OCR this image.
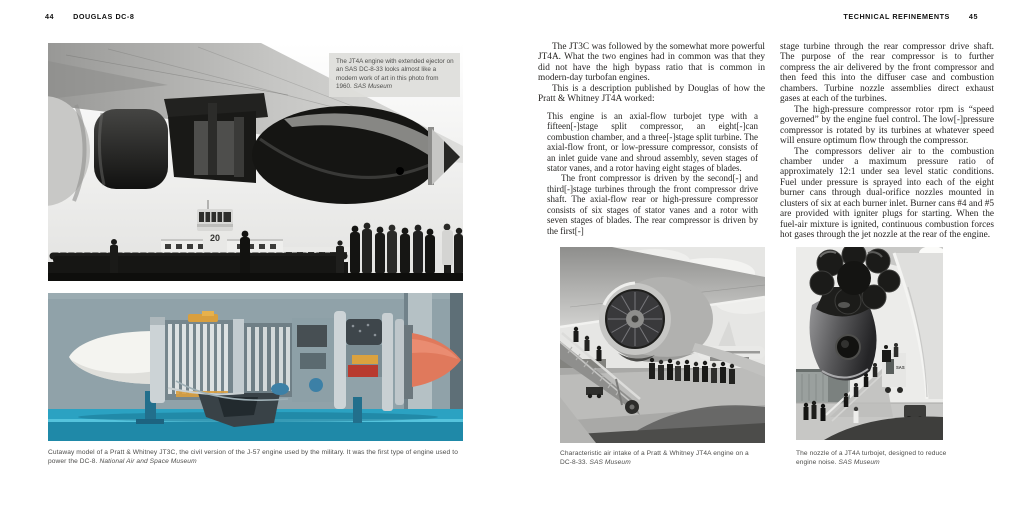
44	DOUGLAS DC-8	TECHNICAL REFINEMENTS	45
20
The JT4A engine with extended ejector on an SAS DC-8-33 looks almost like a modern work of art in this photo from 1960. SAS Museum
Cutaway model of a Pratt & Whitney JT3C, the civil version of the J-57 engine used by the military. It was the first type of engine used to power the DC-8. National Air and Space Museum

The JT3C was followed by the somewhat more powerful JT4A. What the two engines had in common was that they did not have the high bypass ratio that is common in modern-day turbofan engines.

This is a description published by Douglas of how the Pratt & Whitney JT4A worked:

This engine is an axial-flow turbojet type with a fifteen[-]stage split compressor, an eight[-]can combustion chamber, and a three[-]stage split turbine. The axial-flow front, or low-pressure compressor, consists of an inlet guide vane and shroud assembly, seven stages of stator vanes, and a rotor having eight stages of blades.

The front compressor is driven by the second[-] and third[-]stage turbines through the front compressor drive shaft. The axial-flow rear or high-pressure compressor consists of six stages of stator vanes and a rotor with seven stages of blades. The rear compressor is driven by the first[-]

Characteristic air intake of a Pratt & Whitney JT4A engine on a DC-8-33. SAS Museum

stage turbine through the rear compressor drive shaft. The purpose of the rear compressor is to further compress the air delivered by the front compressor and then feed this into the diffuser case and combustion chambers. Turbine nozzle assemblies direct exhaust gases at each of the turbines.

The high-pressure compressor rotor rpm is “speed governed” by the engine fuel control. The low[-]pressure compressor is rotated by its turbines at whatever speed will ensure optimum flow through the compressor.

The compressors deliver air to the combustion chamber under a maximum pressure ratio of approximately 12:1 under sea level static conditions. Fuel under pressure is sprayed into each of the eight burner cans through dual-orifice nozzles mounted in clusters of six at each burner inlet. Burner cans #4 and #5 are provided with igniter plugs for starting. When the fuel-air mixture is ignited, continuous combustion forces hot gases through the jet nozzle at the rear of the engine.

SAS
The nozzle of a JT4A turbojet, designed to reduce engine noise. SAS Museum
